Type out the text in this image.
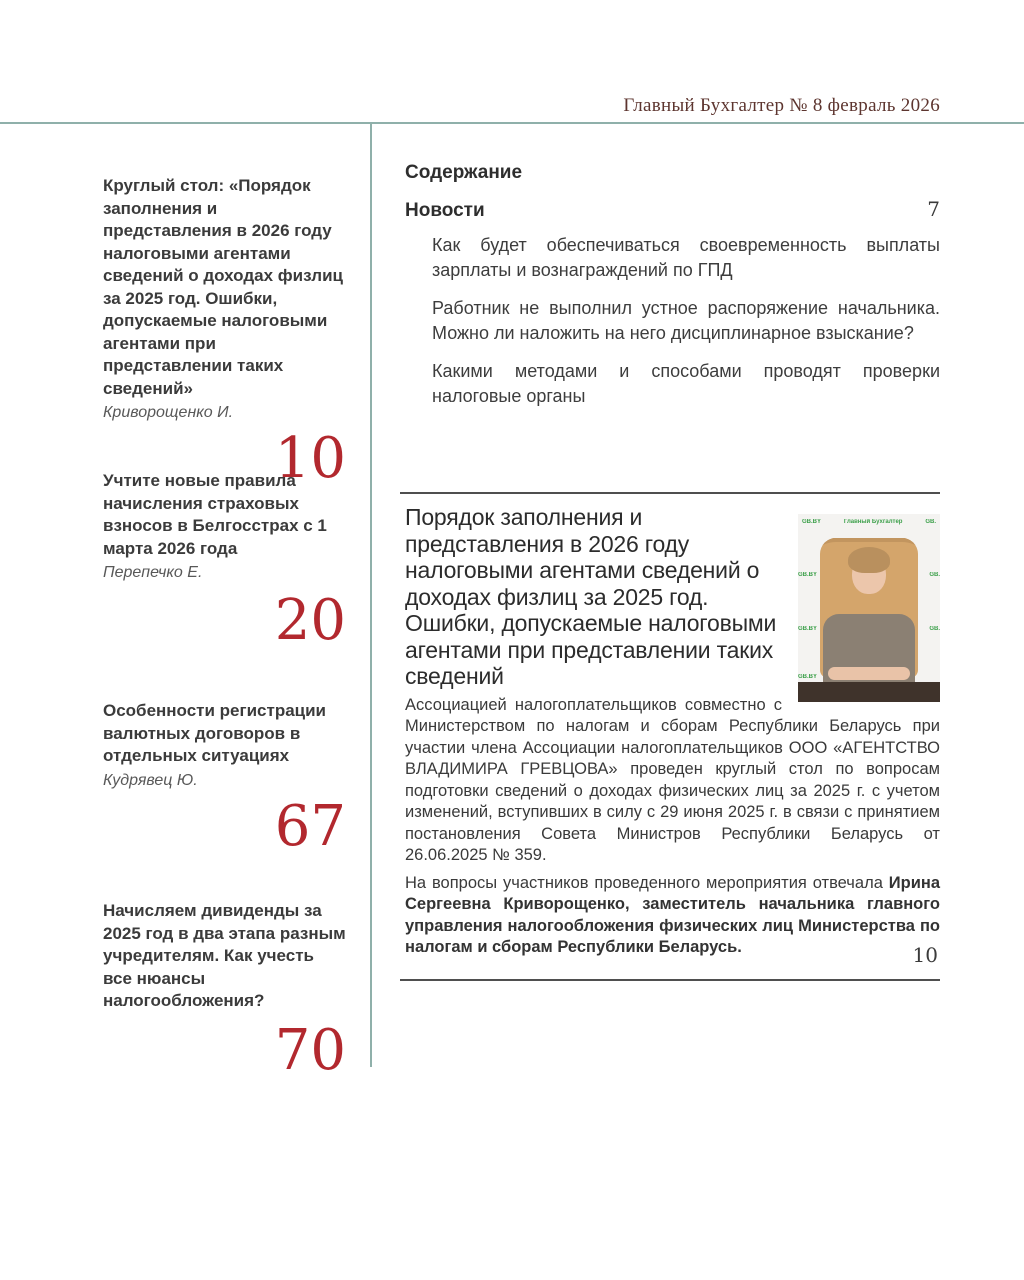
Главный Бухгалтер № 8 февраль 2026
Круглый стол: «Порядок заполнения и представления в 2026 году налоговыми агентами сведений о доходах физлиц за 2025 год. Ошибки, допускаемые налоговыми агентами при представлении таких сведений»
Криворощенко И.
10
Учтите новые правила начисления страховых взносов в Белгосстрах с 1 марта 2026 года
Перепечко Е.
20
Особенности регистрации валютных договоров в отдельных ситуациях
Кудрявец Ю.
67
Начисляем дивиденды за 2025 год в два этапа разным учредителям. Как учесть все нюансы налогообложения?
70
Содержание
Новости	7
Как будет обеспечиваться своевременность выплаты зарплаты и вознаграждений по ГПД
Работник не выполнил устное распоряжение начальника. Можно ли наложить на него дисциплинарное взыскание?
Какими методами и способами проводят проверки налоговые органы
GB.BY	Главный Бухгалтер	GB.
GB.BY	GB.
GB.BY	GB.
GB.BY
Порядок заполнения и представления в 2026 году налоговыми агентами сведений о доходах физлиц за 2025 год. Ошибки, допускаемые налоговыми агентами при представлении таких сведений

Ассоциацией налогоплательщиков совместно с Министерством по налогам и сборам Республики Беларусь при участии члена Ассоциации налогоплательщиков ООО «АГЕНТСТВО ВЛАДИМИРА ГРЕВЦОВА» проведен круглый стол по вопросам подготовки сведений о доходах физических лиц за 2025 г. с учетом изменений, вступивших в силу с 29 июня 2025 г. в связи с принятием постановления Совета Министров Республики Беларусь от 26.06.2025 № 359.

На вопросы участников проведенного мероприятия отвечала Ирина Сергеевна Криворощенко, заместитель начальника главного управления налогообложения физических лиц Министерства по налогам и сборам Республики Беларусь.	10
